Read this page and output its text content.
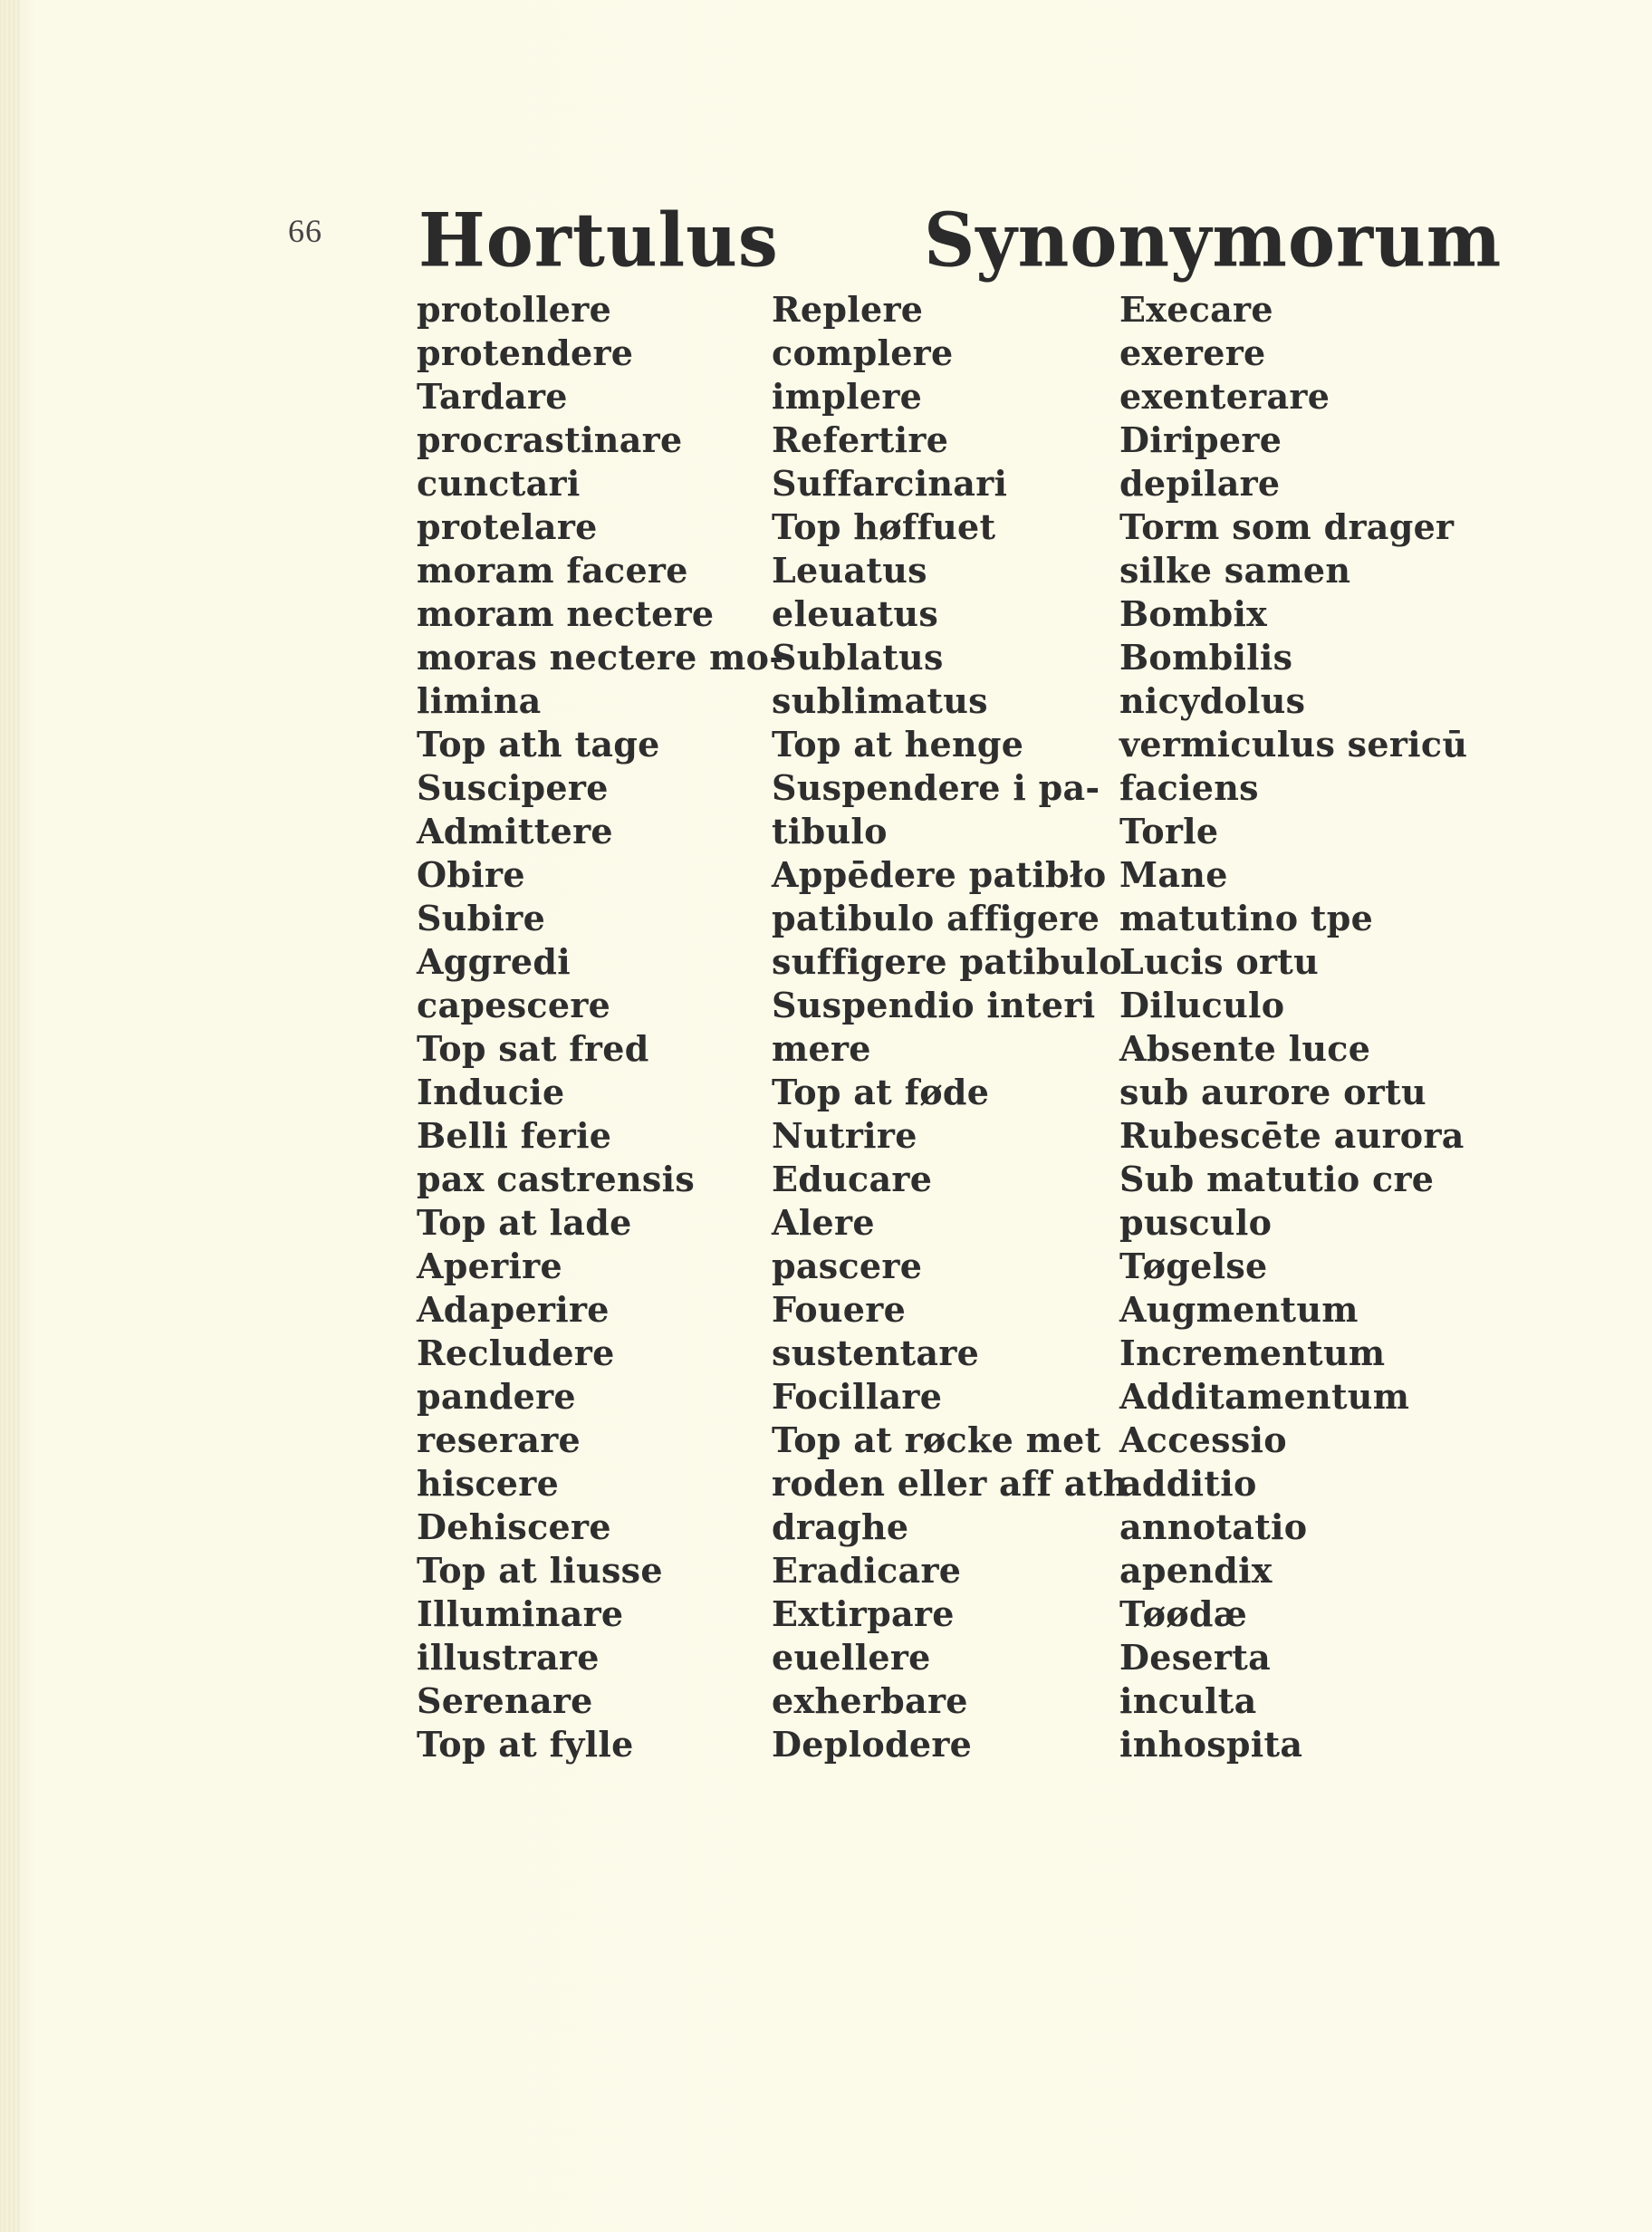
66 Hortulus Synonymorum
protollere
protendere
Tardare
procrastinare
cunctari
protelare
moram facere
moram nectere
moras nectere mo-
limina
Top ath tage
Suscipere
Admittere
Obire
Subire
Aggredi
capescere
Top sat fred
Inducie
Belli ferie
pax castrensis
Top at lade
Aperire
Adaperire
Recludere
pandere
reserare
hiscere
Dehiscere
Top at liusse
Illuminare
illustrare
Serenare
Top at fylle
Replere
complere
implere
Refertire
Suffarcinari
Top høffuet
Leuatus
eleuatus
Sublatus
sublimatus
Top at henge
Suspendere i pa-
tibulo
Appēdere patibło
patibulo affigere
suffigere patibulo
Suspendio interi
mere
Top at føde
Nutrire
Educare
Alere
pascere
Fouere
sustentare
Focillare
Top at røcke met
roden eller aff ath
draghe
Eradicare
Extirpare
euellere
exherbare
Deplodere
Execare
exerere
exenterare
Diripere
depilare
Torm som drager
silke samen
Bombix
Bombilis
nicydolus
vermiculus sericū
faciens
Torle
Mane
matutino tpe
Lucis ortu
Diluculo
Absente luce
sub aurore ortu
Rubescēte aurora
Sub matutio cre
pusculo
Tøgelse
Augmentum
Incrementum
Additamentum
Accessio
additio
annotatio
apendix
Tøødæ
Deserta
inculta
inhospita
